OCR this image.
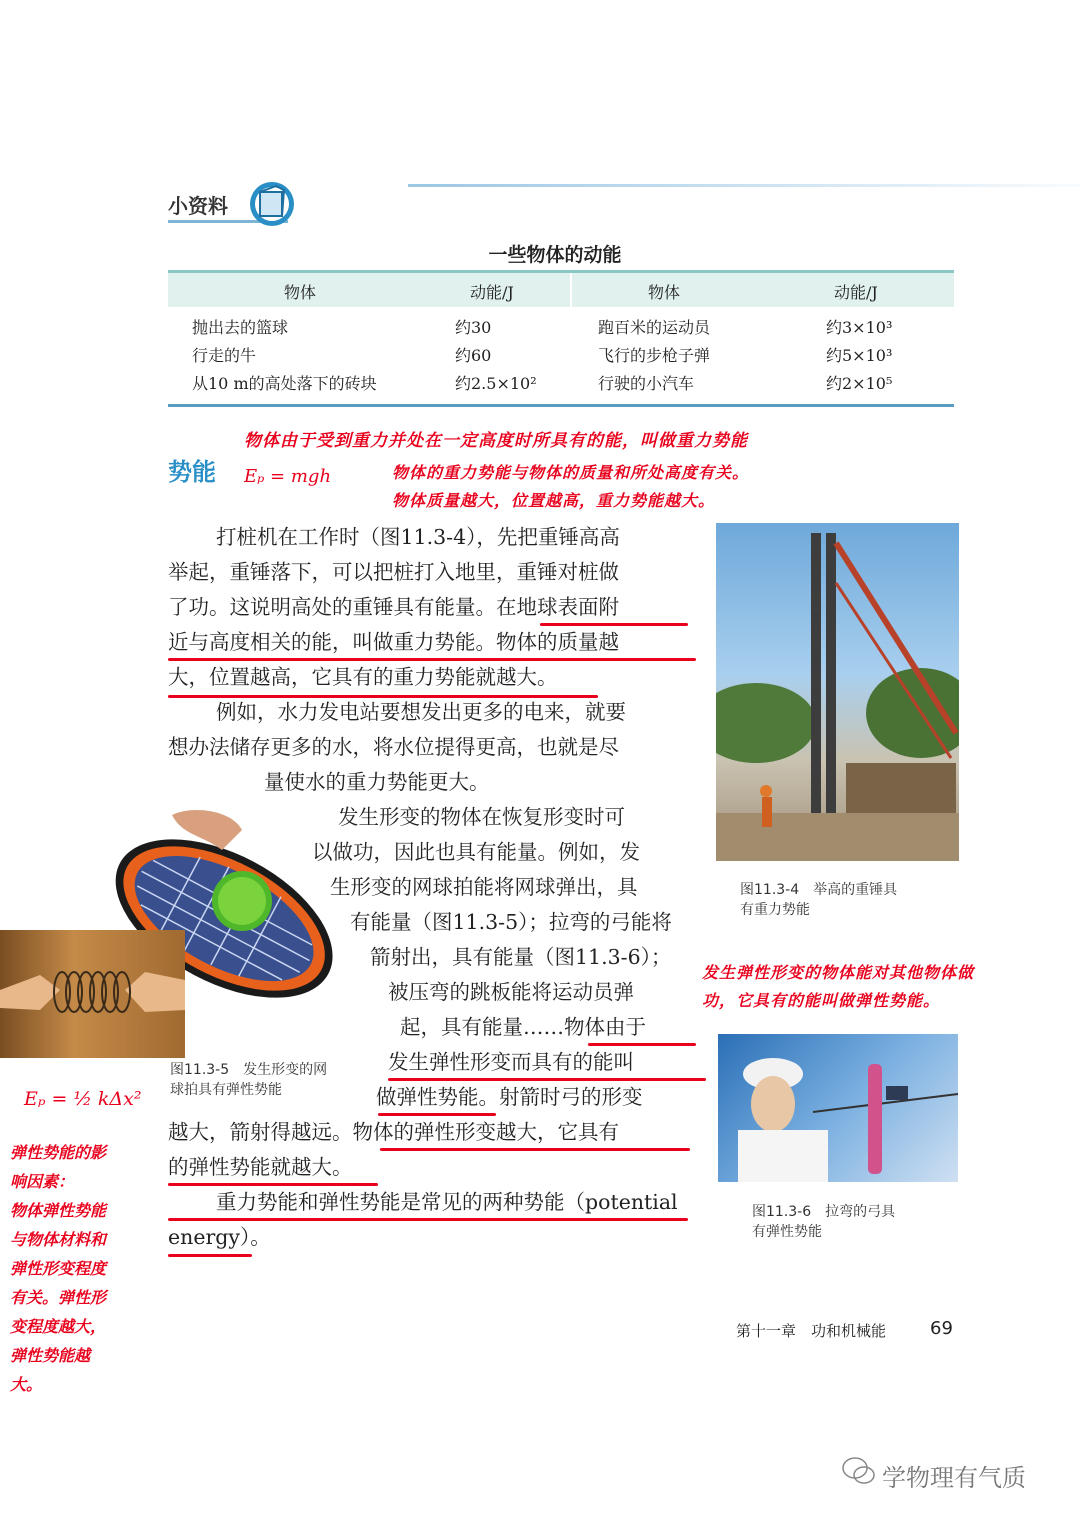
小资料
一些物体的动能
物体	动能/J	物体	动能/J
抛出去的篮球	约30	跑百米的运动员	约3×10³
行走的牛	约60	飞行的步枪子弹	约5×10³
从10 m的高处落下的砖块	约2.5×10²	行驶的小汽车	约2×10⁵
物体由于受到重力并处在一定高度时所具有的能，叫做重力势能
势能 Eₚ = mgh	物体的重力势能与物体的质量和所处高度有关。
物体质量越大，位置越高，重力势能越大。
打桩机在工作时（图11.3-4），先把重锤高高
举起，重锤落下，可以把桩打入地里，重锤对桩做
了功。这说明高处的重锤具有能量。在地球表面附
近与高度相关的能，叫做重力势能。物体的质量越
大，位置越高，它具有的重力势能就越大。
例如，水力发电站要想发出更多的电来，就要
想办法储存更多的水，将水位提得更高，也就是尽
量使水的重力势能更大。
发生形变的物体在恢复形变时可
以做功，因此也具有能量。例如，发
生形变的网球拍能将网球弹出，具
有能量（图11.3-5）；拉弯的弓能将
箭射出，具有能量（图11.3-6）；
被压弯的跳板能将运动员弹
起，具有能量……物体由于
发生弹性形变而具有的能叫
做弹性势能。射箭时弓的形变
越大，箭射得越远。物体的弹性形变越大，它具有
的弹性势能就越大。
重力势能和弹性势能是常见的两种势能（potential
energy）。
图11.3-4　举高的重锤具
有重力势能
发生弹性形变的物体能对其他物体做
功，它具有的能叫做弹性势能。
图11.3-6　拉弯的弓具
有弹性势能
图11.3-5　发生形变的网
球拍具有弹性势能
Eₚ = ½ kΔx²
弹性势能的影
响因素：
物体弹性势能
与物体材料和
弹性形变程度
有关。弹性形
变程度越大，
弹性势能越
大。
第十一章　功和机械能 69
学物理有气质
